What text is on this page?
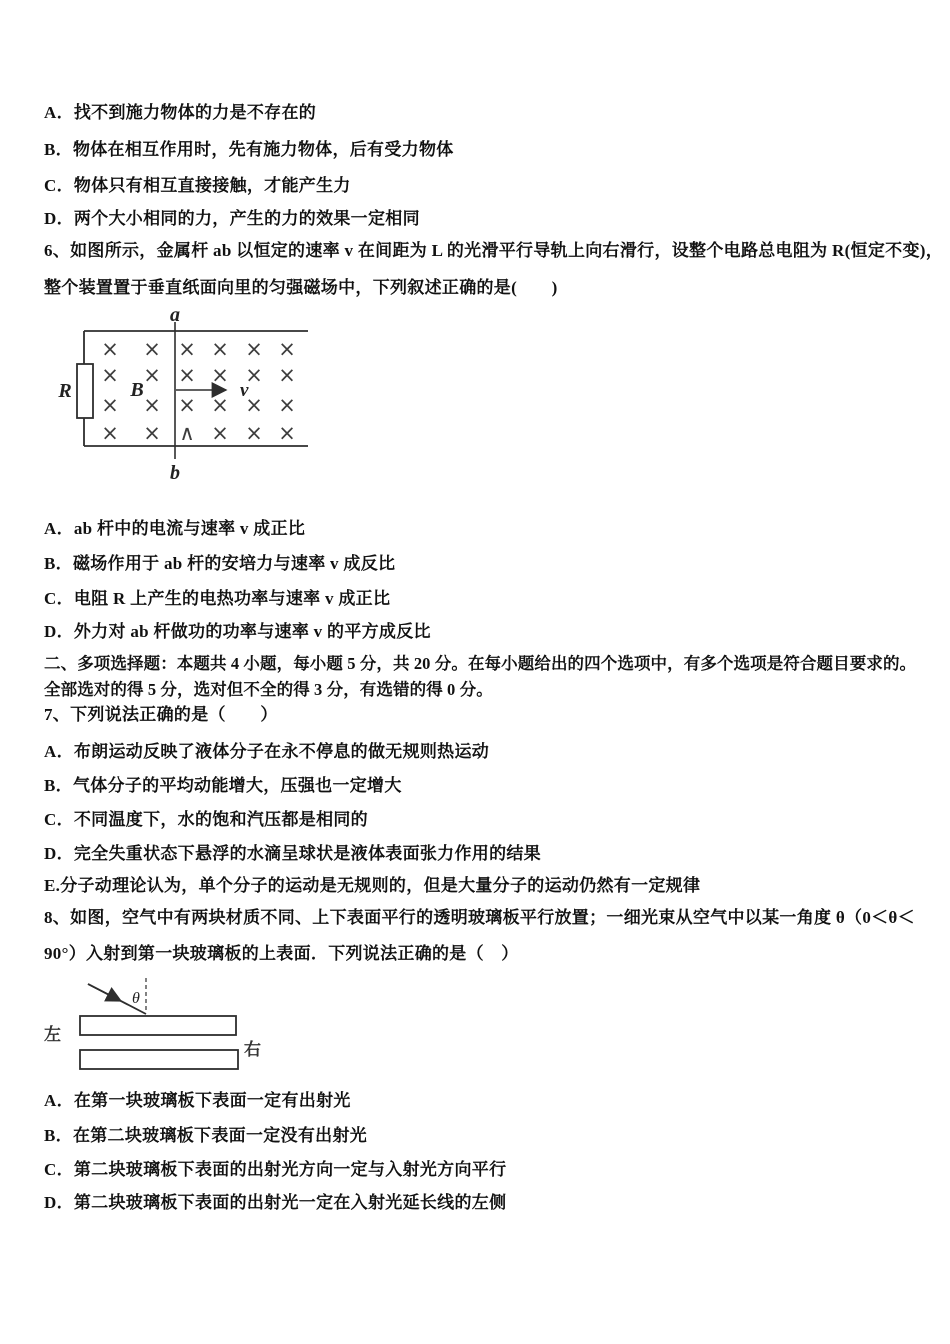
A．找不到施力物体的力是不存在的
B．物体在相互作用时，先有施力物体，后有受力物体
C．物体只有相互直接接触，才能产生力
D．两个大小相同的力，产生的力的效果一定相同
6、如图所示，金属杆 ab 以恒定的速率 v 在间距为 L 的光滑平行导轨上向右滑行，设整个电路总电阻为 R(恒定不变)，
整个装置置于垂直纸面向里的匀强磁场中，下列叙述正确的是(　　)
R
× × × × × ×
× × × × × ×
× × × × × ×
× × ∧ × × ×
B
a
b
v
A．ab 杆中的电流与速率 v 成正比
B．磁场作用于 ab 杆的安培力与速率 v 成反比
C．电阻 R 上产生的电热功率与速率 v 成正比
D．外力对 ab 杆做功的功率与速率 v 的平方成反比
二、多项选择题：本题共 4 小题，每小题 5 分，共 20 分。在每小题给出的四个选项中，有多个选项是符合题目要求的。
全部选对的得 5 分，选对但不全的得 3 分，有选错的得 0 分。
7、下列说法正确的是（　　）
A．布朗运动反映了液体分子在永不停息的做无规则热运动
B．气体分子的平均动能增大，压强也一定增大
C．不同温度下，水的饱和汽压都是相同的
D．完全失重状态下悬浮的水滴呈球状是液体表面张力作用的结果
E.分子动理论认为，单个分子的运动是无规则的，但是大量分子的运动仍然有一定规律
8、如图，空气中有两块材质不同、上下表面平行的透明玻璃板平行放置；一细光束从空气中以某一角度 θ（0＜θ＜
90°）入射到第一块玻璃板的上表面．下列说法正确的是（　）
θ
左
右
A．在第一块玻璃板下表面一定有出射光
B．在第二块玻璃板下表面一定没有出射光
C．第二块玻璃板下表面的出射光方向一定与入射光方向平行
D．第二块玻璃板下表面的出射光一定在入射光延长线的左侧
